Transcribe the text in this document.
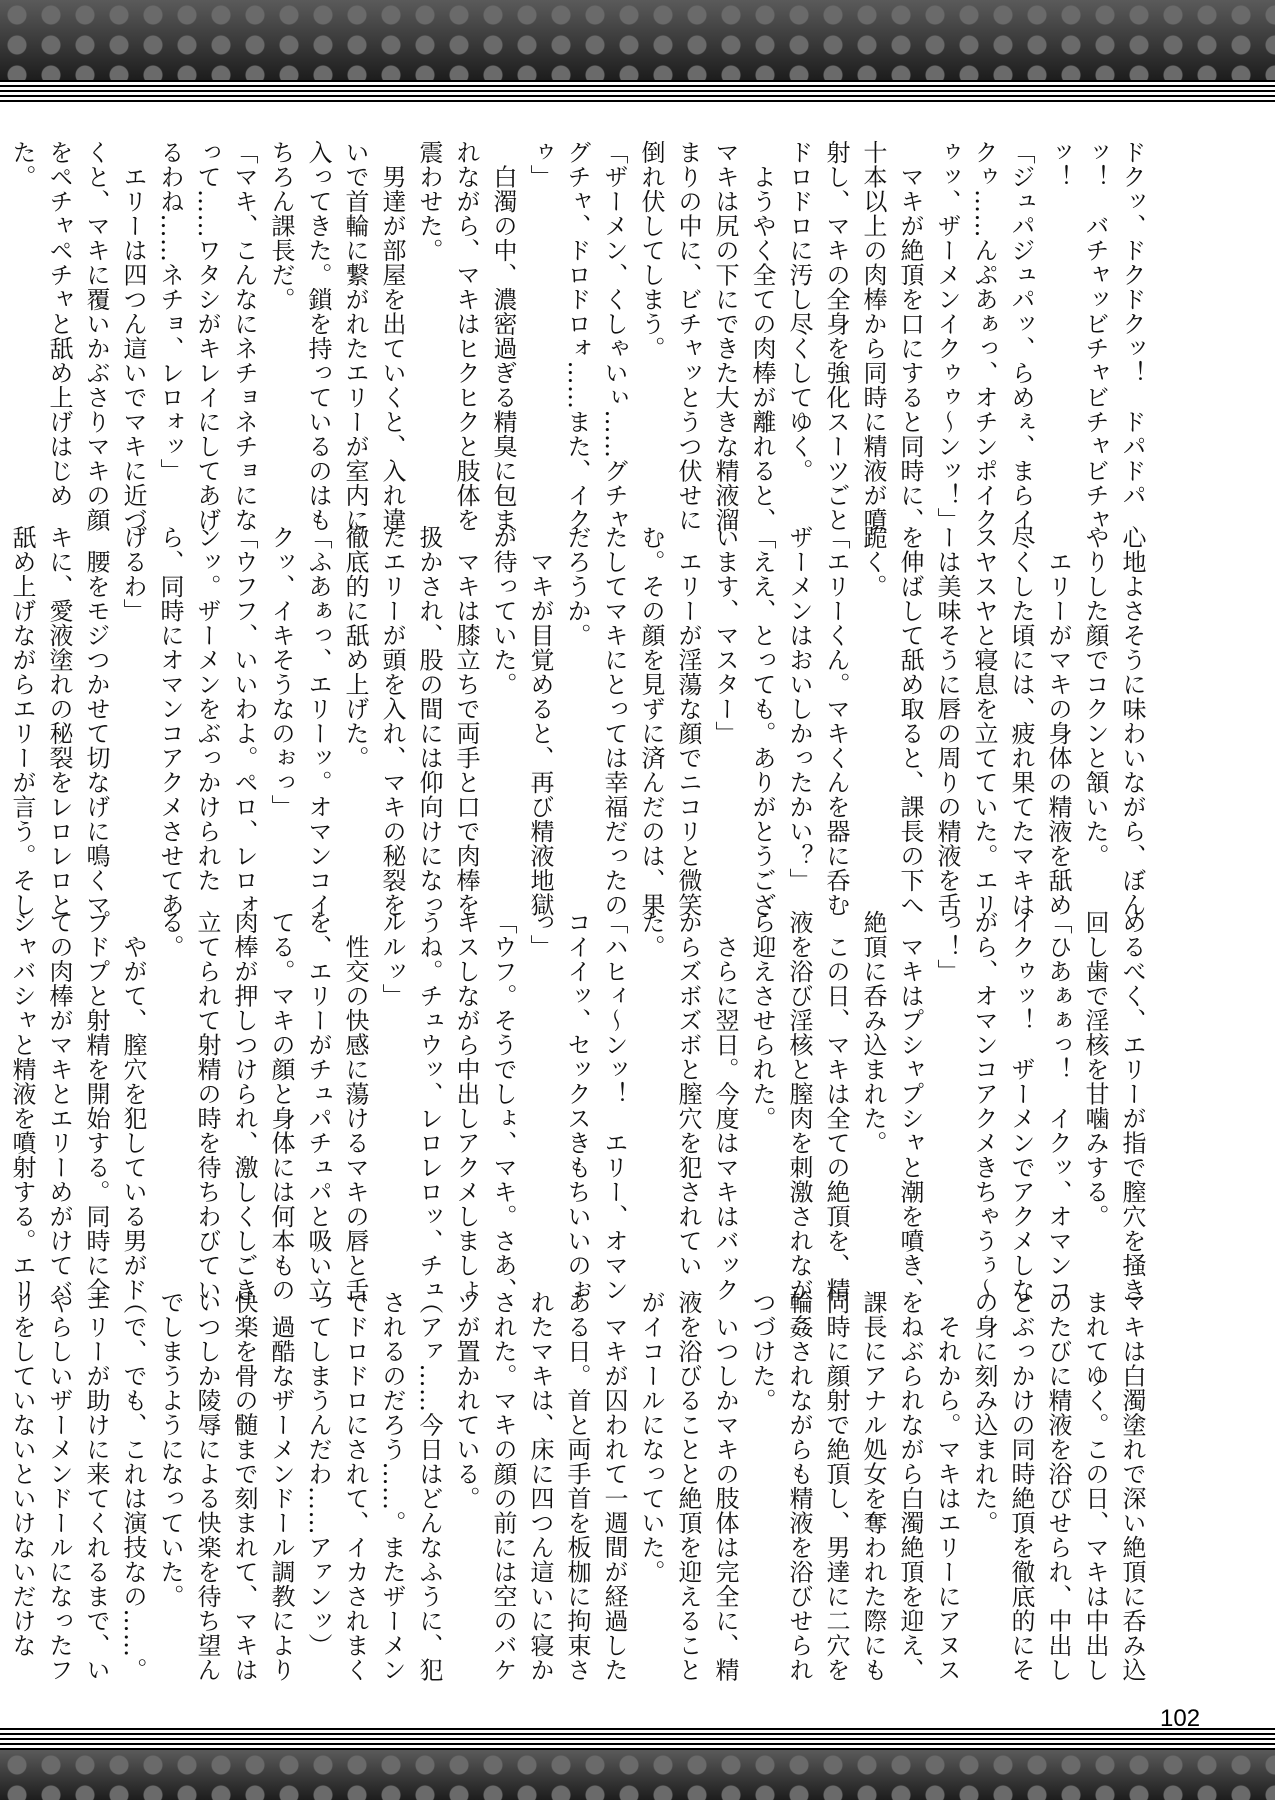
ドクッ、ドクドクッ！　ドパドパッ！　バチャッビチャビチャビチャッ！
「ジュパジュパッ、らめぇ、まらイクゥ……んぷあぁっ、オチンポイクゥッ、ザーメンイクゥゥ～ンッ！」
　マキが絶頂を口にすると同時に、十本以上の肉棒から同時に精液が噴射し、マキの全身を強化スーツごとドロドロに汚し尽くしてゆく。
　ようやく全ての肉棒が離れると、マキは尻の下にできた大きな精液溜まりの中に、ビチャッとうつ伏せに倒れ伏してしまう。
「ザーメン、くしゃいぃ……グチャグチャ、ドロドロォ……また、イクゥ」
　白濁の中、濃密過ぎる精臭に包まれながら、マキはヒクヒクと肢体を震わせた。
　男達が部屋を出ていくと、入れ違いで首輪に繋がれたエリーが室内に入ってきた。鎖を持っているのはもちろん課長だ。
「マキ、こんなにネチョネチョになって……ワタシがキレイにしてあげるわね……ネチョ、レロォッ」
　エリーは四つん這いでマキに近づくと、マキに覆いかぶさりマキの顔をペチャペチャと舐め上げはじめた。

心地よさそうに味わいながら、ぼんやりした顔でコクンと頷いた。
　エリーがマキの身体の精液を舐め尽くした頃には、疲れ果てたマキはスヤスヤと寝息を立てていた。エリーは美味そうに唇の周りの精液を舌を伸ばして舐め取ると、課長の下へ跪く。
「エリーくん。マキくんを器に呑むザーメンはおいしかったかい？」
「ええ、とっても。ありがとうございます、マスター」
　エリーが淫蕩な顔でニコリと微笑む。その顔を見ずに済んだのは、果たしてマキにとっては幸福だったのだろうか。
　マキが目覚めると、再び精液地獄が待っていた。
　マキは膝立ちで両手と口で肉棒を扱かされ、股の間には仰向けになったエリーが頭を入れ、マキの秘裂を徹底的に舐め上げた。
「ふあぁっ、エリーッ。オマンコイクッ、イキそうなのぉっ」
「ウフフ、いいわよ。ペロ、レロォンッ。ザーメンをぶっかけられたら、同時にオマンコアクメさせてあげるわ」
　腰をモジつかせて切なげに鳴くマキに、愛液塗れの秘裂をレロレロと舐め上げながらエリーが言う。そし

めるべく、エリーが指で膣穴を掻き回し歯で淫核を甘噛みする。
「ひあぁぁっ！　イクッ、オマンコイクゥッ！　ザーメンでアクメしながら、オマンコアクメきちゃうぅ～っ！」
　マキはプシャプシャと潮を噴き、絶頂に呑み込まれた。
　この日、マキは全ての絶頂を、精液を浴び淫核と膣肉を刺激されながら迎えさせられた。
　さらに翌日。今度はマキはバックからズボズボと膣穴を犯されていた。
「ハヒィ～ンッ！　エリー、オマンコイイッ、セックスきもちいいのぉっ」
「ウフ。そうでしょ、マキ。さあ、キスしながら中出しアクメしましょうね。チュウッ、レロレロッ、チュルルッ」
　性交の快感に蕩けるマキの唇と舌を、エリーがチュパチュパと吸い立てる。マキの顔と身体には何本もの肉棒が押しつけられ、激しくしごき立てられて射精の時を待ちわびている。
　やがて、膣穴を犯している男がドプドプと射精を開始する。同時に全ての肉棒がマキとエリーめがけてバシャバシャと精液を噴射する。エリ

マキは白濁塗れで深い絶頂に呑み込まれてゆく。この日、マキは中出しのたびに精液を浴びせられ、中出しとぶっかけの同時絶頂を徹底的にその身に刻み込まれた。
　それから。マキはエリーにアヌスをねぶられながら白濁絶頂を迎え、課長にアナル処女を奪われた際にも同時に顔射で絶頂し、男達に二穴を輪姦されながらも精液を浴びせられつづけた。
　いつしかマキの肢体は完全に、精液を浴びることと絶頂を迎えることがイコールになっていた。
　マキが囚われて一週間が経過したある日。首と両手首を板枷に拘束されたマキは、床に四つん這いに寝かされた。マキの顔の前には空のバケツが置かれている。
（アァ……今日はどんなふうに、犯されるのだろう……。またザーメンでドロドロにされて、イカされまくってしまうんだわ……アァンッ）
　過酷なザーメンドール調教により快楽を骨の髄まで刻まれて、マキはいつしか陵辱による快楽を待ち望んでしまうようになっていた。
（で、でも、これは演技なの……。エリーが助けに来てくれるまで、いやらしいザーメンドールになったフリをしていないといけないだけな

102
